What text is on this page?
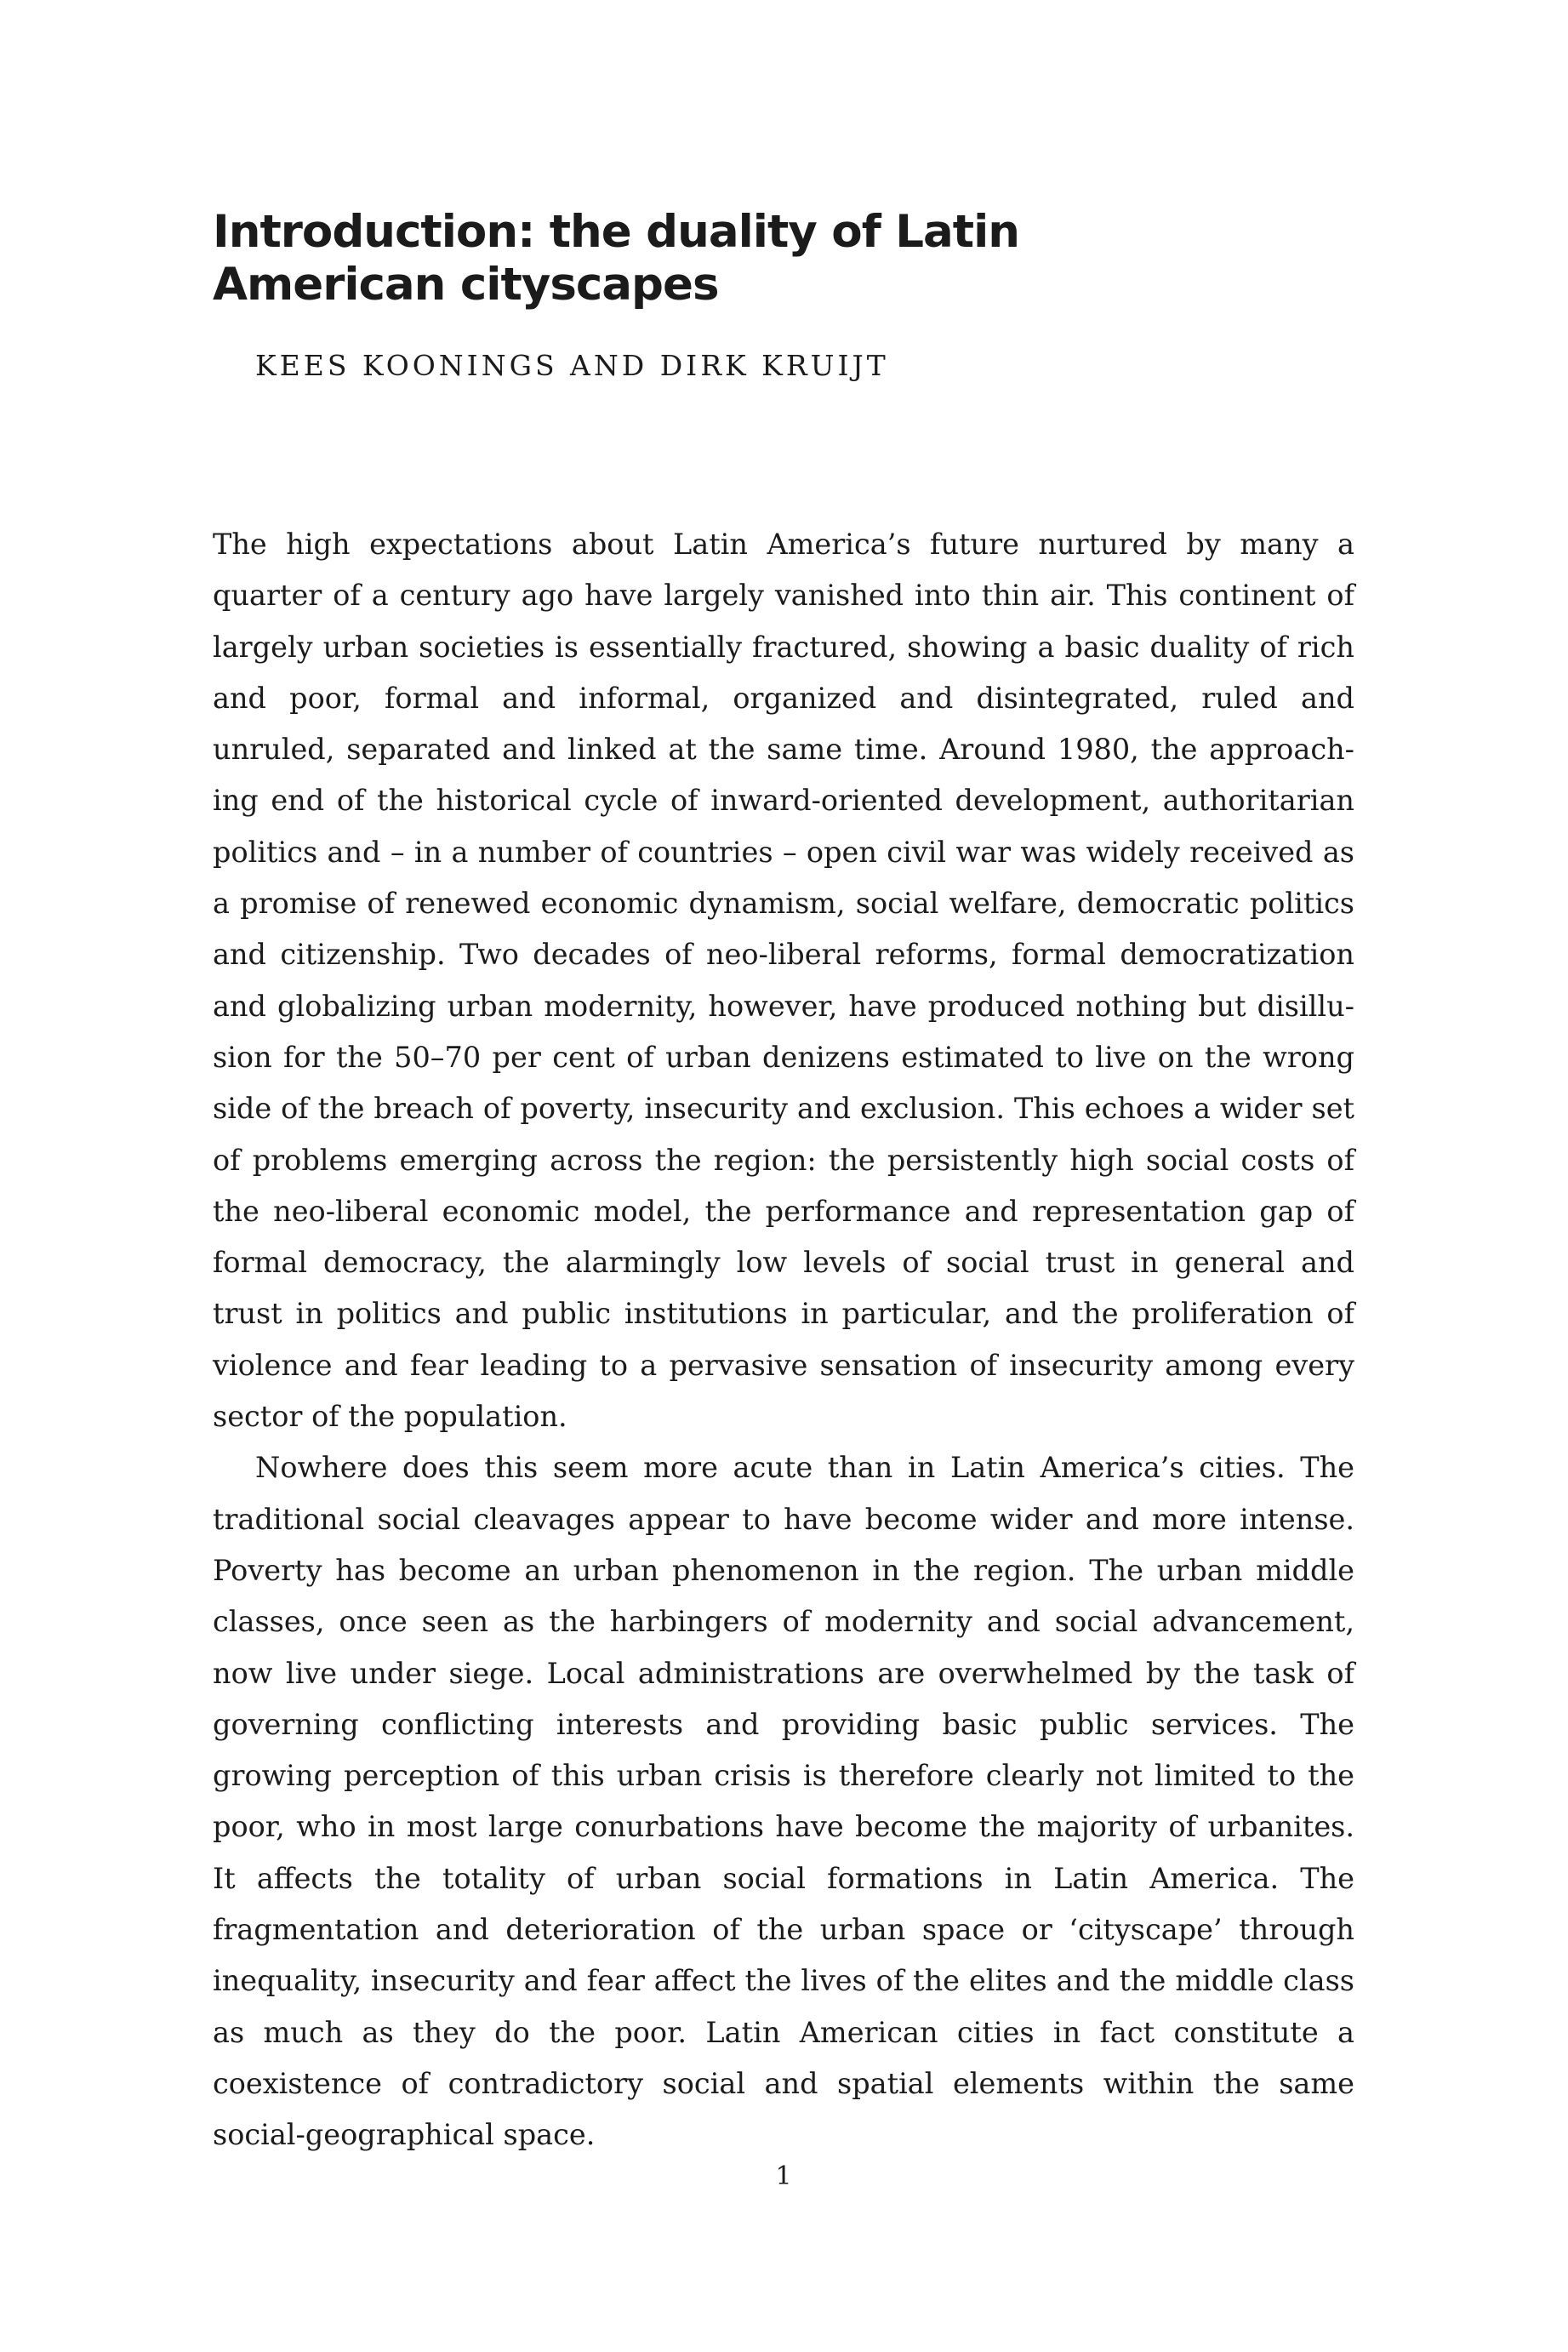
Introduction: the duality of Latin American cityscapes
KEES KOONINGS AND DIRK KRUIJT

The high expectations about Latin America’s future nurtured by many a quarter of a century ago have largely vanished into thin air. This continent of largely urban societies is essentially fractured, showing a basic duality of rich and poor, formal and informal, organized and disintegrated, ruled and unruled, separated and linked at the same time. Around 1980, the approaching end of the historical cycle of inward-oriented development, authoritarian politics and – in a number of countries – open civil war was widely received as a promise of renewed economic dynamism, social welfare, democratic politics and citizenship. Two decades of neo-liberal reforms, formal democratization and globalizing urban modernity, however, have produced nothing but disillusion for the 50–70 per cent of urban denizens estimated to live on the wrong side of the breach of poverty, insecurity and exclusion. This echoes a wider set of problems emerging across the region: the persistently high social costs of the neo-liberal economic model, the performance and representation gap of formal democracy, the alarmingly low levels of social trust in general and trust in politics and public institutions in particular, and the proliferation of violence and fear leading to a pervasive sensation of insecurity among every sector of the population.

Nowhere does this seem more acute than in Latin America’s cities. The traditional social cleavages appear to have become wider and more intense. Poverty has become an urban phenomenon in the region. The urban middle classes, once seen as the harbingers of modernity and social advancement, now live under siege. Local administrations are overwhelmed by the task of governing conflicting interests and providing basic public services. The growing perception of this urban crisis is therefore clearly not limited to the poor, who in most large conurbations have become the majority of urbanites. It affects the totality of urban social formations in Latin America. The fragmentation and deterioration of the urban space or ‘cityscape’ through inequality, insecurity and fear affect the lives of the elites and the middle class as much as they do the poor. Latin American cities in fact constitute a coexistence of contradictory social and spatial elements within the same social-geographical space.

1
